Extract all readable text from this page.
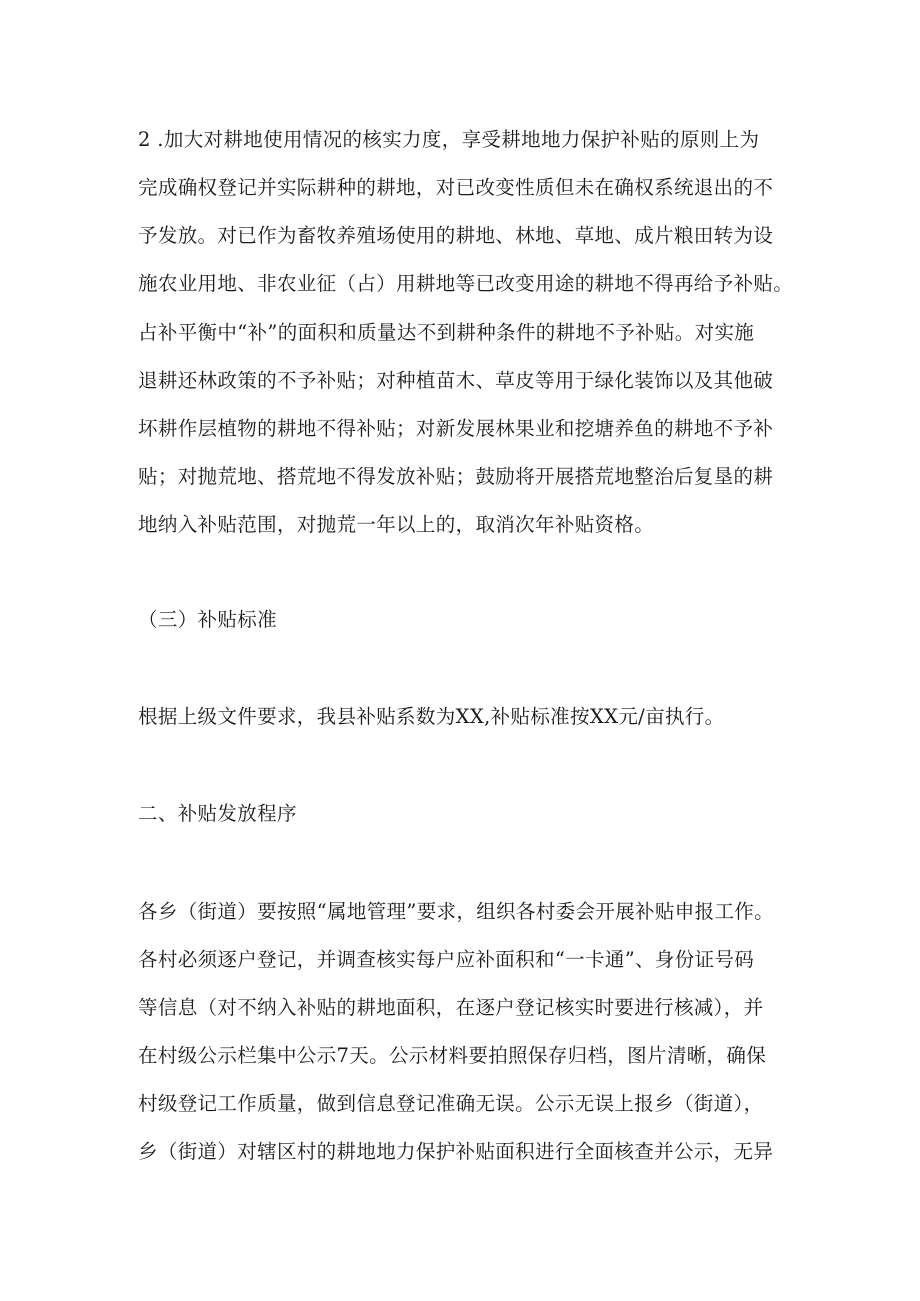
2 .加大对耕地使用情况的核实力度，享受耕地地力保护补贴的原则上为
完成确权登记并实际耕种的耕地，对已改变性质但未在确权系统退出的不
予发放。对已作为畜牧养殖场使用的耕地、林地、草地、成片粮田转为设
施农业用地、非农业征（占）用耕地等已改变用途的耕地不得再给予补贴。
占补平衡中“补”的面积和质量达不到耕种条件的耕地不予补贴。对实施
退耕还林政策的不予补贴；对种植苗木、草皮等用于绿化装饰以及其他破
坏耕作层植物的耕地不得补贴；对新发展林果业和挖塘养鱼的耕地不予补
贴；对抛荒地、搭荒地不得发放补贴；鼓励将开展搭荒地整治后复垦的耕
地纳入补贴范围，对抛荒一年以上的，取消次年补贴资格。
（三）补贴标准
根据上级文件要求，我县补贴系数为XX,补贴标准按XX元/亩执行。
二、补贴发放程序
各乡（街道）要按照“属地管理”要求，组织各村委会开展补贴申报工作。
各村必须逐户登记，并调查核实每户应补面积和“一卡通”、身份证号码
等信息（对不纳入补贴的耕地面积，在逐户登记核实时要进行核减），并
在村级公示栏集中公示7天。公示材料要拍照保存归档，图片清晰，确保
村级登记工作质量，做到信息登记准确无误。公示无误上报乡（街道），
乡（街道）对辖区村的耕地地力保护补贴面积进行全面核查并公示，无异
